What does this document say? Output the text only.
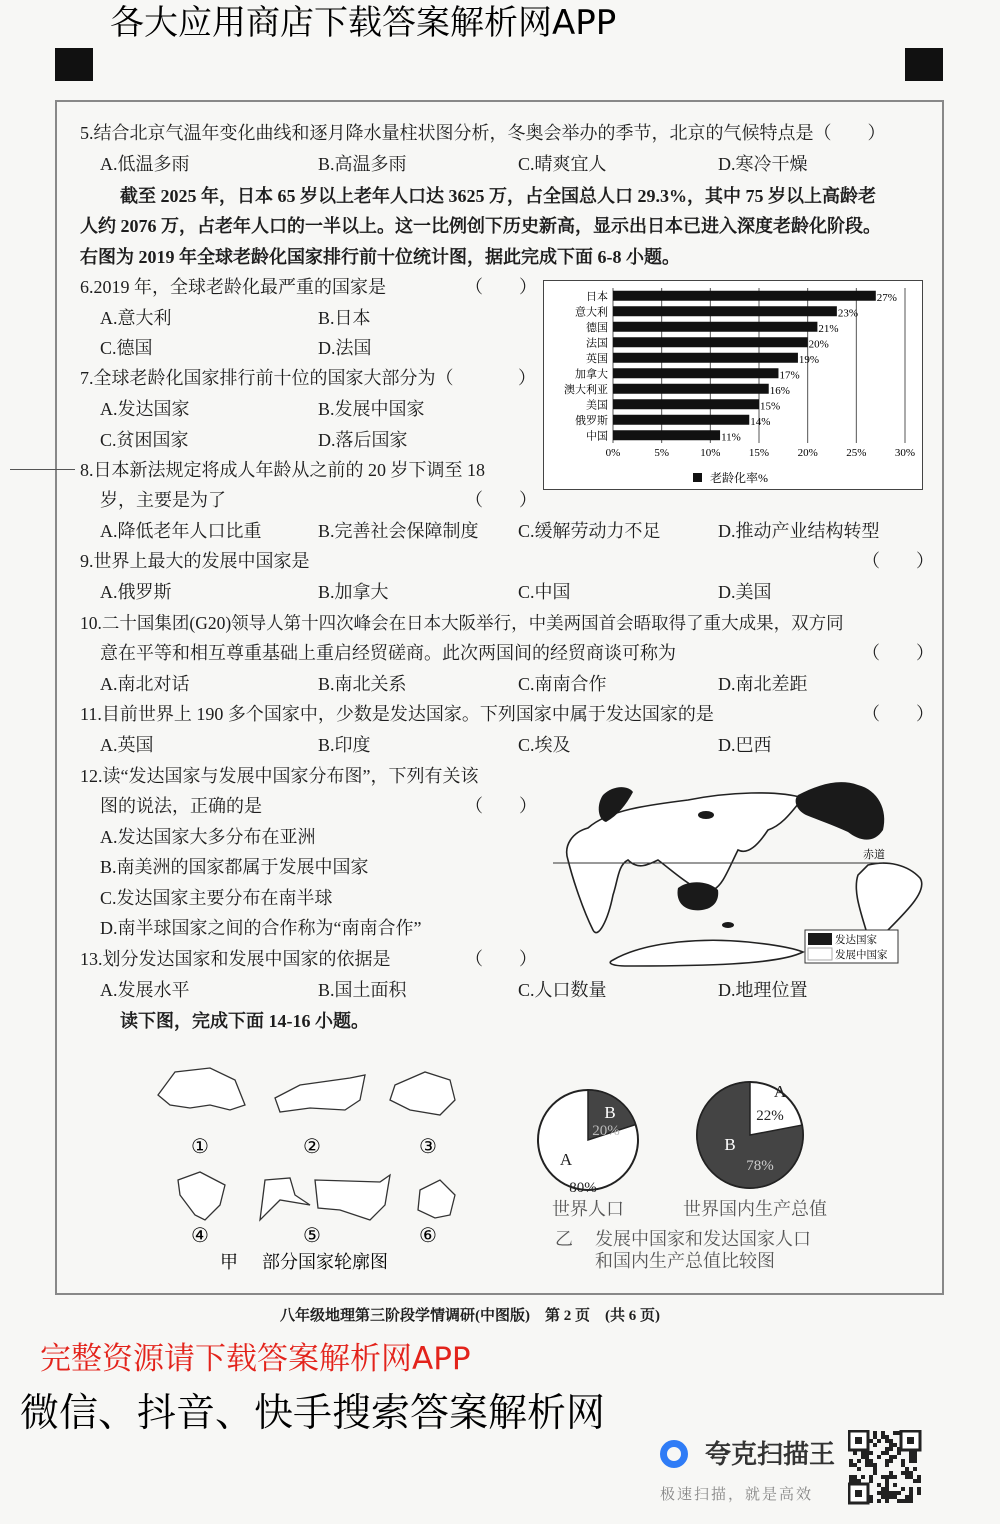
5.结合北京气温年变化曲线和逐月降水量柱状图分析，冬奥会举办的季节，北京的气候特点是（　　）
A.低温多雨	B.高温多雨	C.晴爽宜人	D.寒冷干燥
截至 2025 年，日本 65 岁以上老年人口达 3625 万，占全国总人口 29.3%，其中 75 岁以上高龄老
人约 2076 万，占老年人口的一半以上。这一比例创下历史新高，显示出日本已进入深度老龄化阶段。
右图为 2019 年全球老龄化国家排行前十位统计图，据此完成下面 6-8 小题。
6.2019 年，全球老龄化最严重的国家是	（　　）
A.意大利	B.日本
C.德国	D.法国
7.全球老龄化国家排行前十位的国家大部分为（	）
A.发达国家	B.发展中国家
C.贫困国家	D.落后国家
8.日本新法规定将成人年龄从之前的 20 岁下调至 18
岁，主要是为了	（　　）
A.降低老年人口比重	B.完善社会保障制度 C.缓解劳动力不足	D.推动产业结构转型
9.世界上最大的发展中国家是	（　　）
A.俄罗斯	B.加拿大	C.中国	D.美国
10.二十国集团(G20)领导人第十四次峰会在日本大阪举行，中美两国首会晤取得了重大成果，双方同
意在平等和相互尊重基础上重启经贸磋商。此次两国间的经贸商谈可称为	（　　）
A.南北对话	B.南北关系	C.南南合作	D.南北差距
11.目前世界上 190 多个国家中，少数是发达国家。下列国家中属于发达国家的是	（　　）
A.英国	B.印度	C.埃及	D.巴西
12.读“发达国家与发展中国家分布图”，下列有关该
图的说法，正确的是	（　　）
A.发达国家大多分布在亚洲
B.南美洲的国家都属于发展中国家
C.发达国家主要分布在南半球
D.南半球国家之间的合作称为“南南合作”
13.划分发达国家和发展中国家的依据是	（　　）
A.发展水平	B.国土面积	C.人口数量	D.地理位置
读下图，完成下面 14-16 小题。
0%	5%	10%	15%	20%	25%	30%
日本	27%
意大利	23%
德国	21%
法国	20%
英国	19%
加拿大	17%
澳大利亚	16%
美国	15%
俄罗斯	14%
中国	11%
老龄化率%
赤道
发达国家
发展中国家
①	②	③
④	⑤	⑥
甲 部分国家轮廓图
A
80%
B
20%
A
22%
B
78%
世界人口	世界国内生产总值
乙 发展中国家和发达国家人口
和国内生产总值比较图
八年级地理第三阶段学情调研(中图版)　第 2 页　(共 6 页)
各大应用商店下载答案解析网APP
完整资源请下载答案解析网APP
微信、抖音、快手搜索答案解析网
夸克扫描王
极速扫描，就是高效
